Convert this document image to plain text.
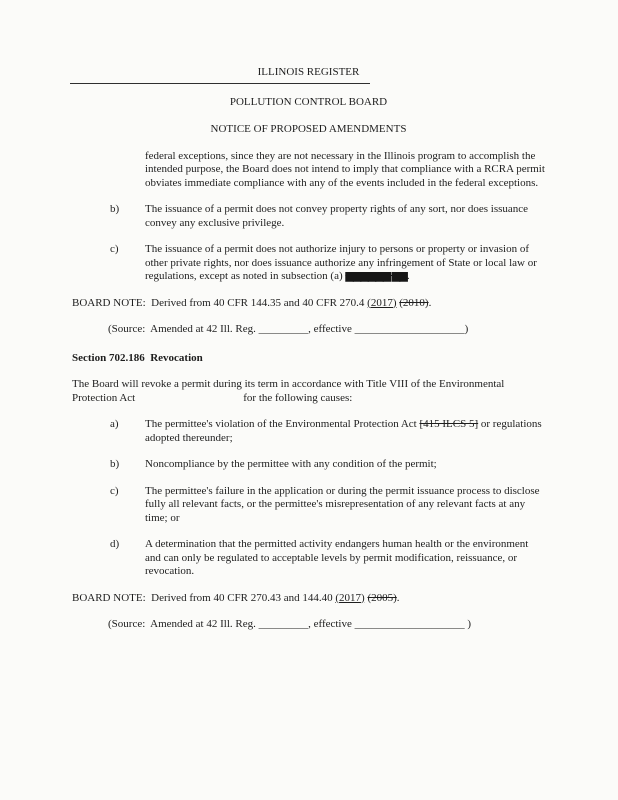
ILLINOIS REGISTER
POLLUTION CONTROL BOARD
NOTICE OF PROPOSED AMENDMENTS

federal exceptions, since they are not necessary in the Illinois program to accomplish the intended purpose, the Board does not intend to imply that compliance with a RCRA permit obviates immediate compliance with any of the events included in the federal exceptions.

b)	The issuance of a permit does not convey property rights of any sort, nor does issuance convey any exclusive privilege.
c)	The issuance of a permit does not authorize injury to persons or property or invasion of other private rights, nor does issuance authorize any infringement of State or local law or regulations, except as noted in subsection (a) ▆▆▆▆▆▆ ▆▆.

BOARD NOTE:  Derived from 40 CFR 144.35 and 40 CFR 270.4 (2017) (2010).

(Source:  Amended at 42 Ill. Reg. _________, effective ____________________)

Section 702.186  Revocation

The Board will revoke a permit during its term in accordance with Title VIII of the Environmental Protection Act	for the following causes:

a)	The permittee's violation of the Environmental Protection Act [415 ILCS 5] or regulations adopted thereunder;
b)	Noncompliance by the permittee with any condition of the permit;
c)	The permittee's failure in the application or during the permit issuance process to disclose fully all relevant facts, or the permittee's misrepresentation of any relevant facts at any time; or
d)	A determination that the permitted activity endangers human health or the environment and can only be regulated to acceptable levels by permit modification, reissuance, or revocation.

BOARD NOTE:  Derived from 40 CFR 270.43 and 144.40 (2017) (2005).

(Source:  Amended at 42 Ill. Reg. _________, effective ____________________ )
